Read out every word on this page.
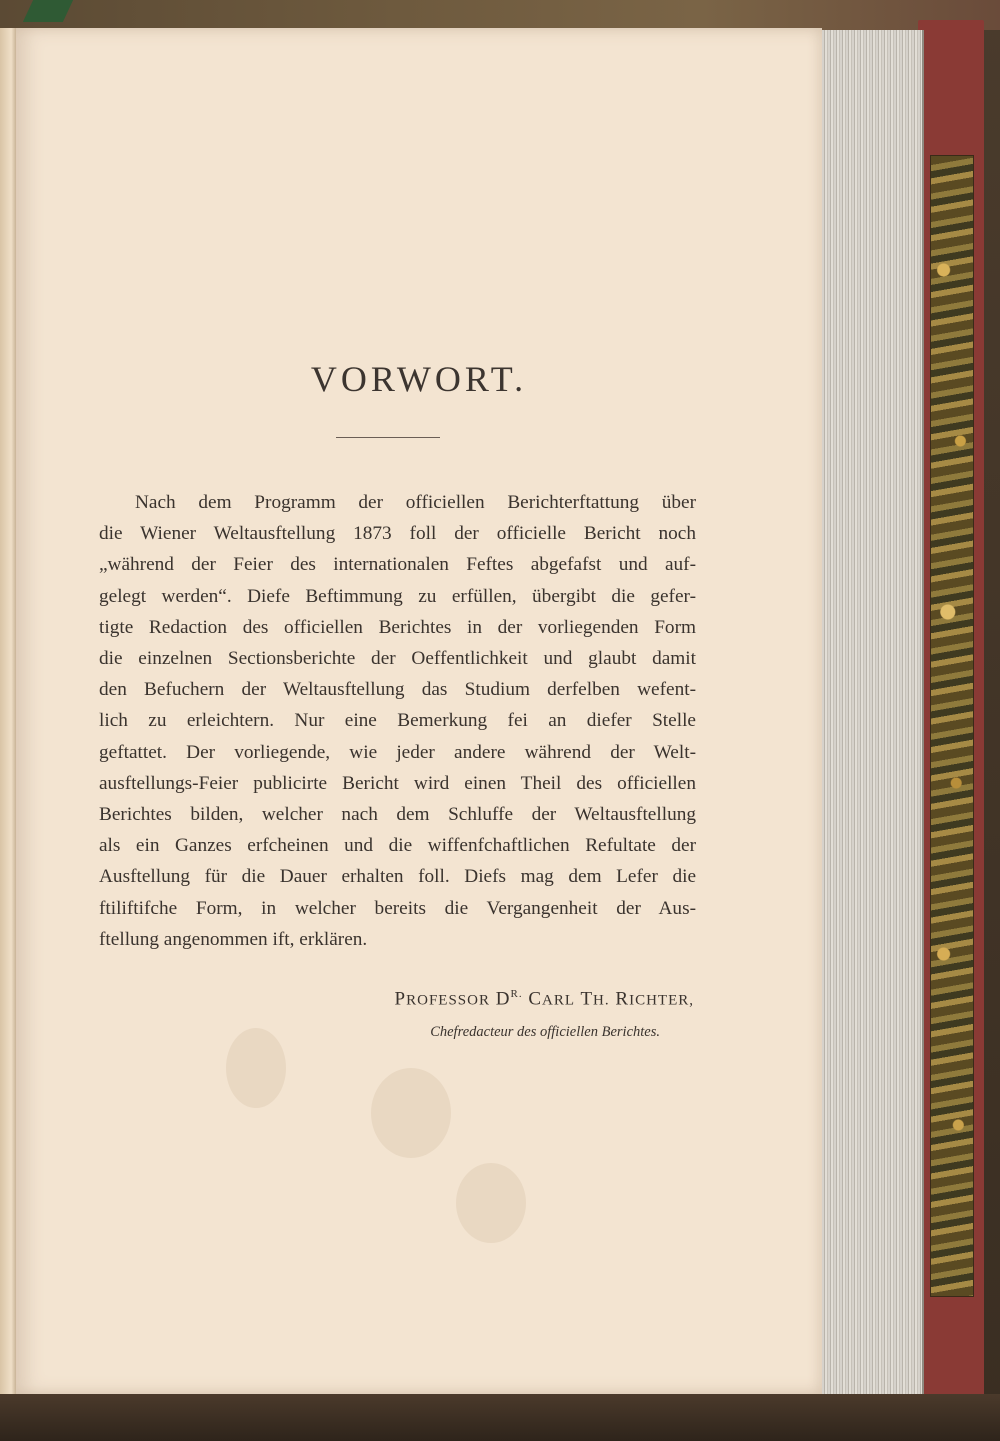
VORWORT.
Nach dem Programm der officiellen Berichterftattung über
die Wiener Weltausftellung 1873 foll der officielle Bericht noch
„während der Feier des internationalen Feftes abgefafst und auf-
gelegt werden“. Diefe Beftimmung zu erfüllen, übergibt die gefer-
tigte Redaction des officiellen Berichtes in der vorliegenden Form
die einzelnen Sectionsberichte der Oeffentlichkeit und glaubt damit
den Befuchern der Weltausftellung das Studium derfelben wefent-
lich zu erleichtern. Nur eine Bemerkung fei an diefer Stelle
geftattet. Der vorliegende, wie jeder andere während der Welt-
ausftellungs-Feier publicirte Bericht wird einen Theil des officiellen
Berichtes bilden, welcher nach dem Schluffe der Weltausftellung
als ein Ganzes erfcheinen und die wiffenfchaftlichen Refultate der
Ausftellung für die Dauer erhalten foll. Diefs mag dem Lefer die
ftiliftifche Form, in welcher bereits die Vergangenheit der Aus-
ftellung angenommen ift, erklären.
PROFESSOR $D^{R.}$ CARL TH. RICHTER,
Chefredacteur des officiellen Berichtes.
